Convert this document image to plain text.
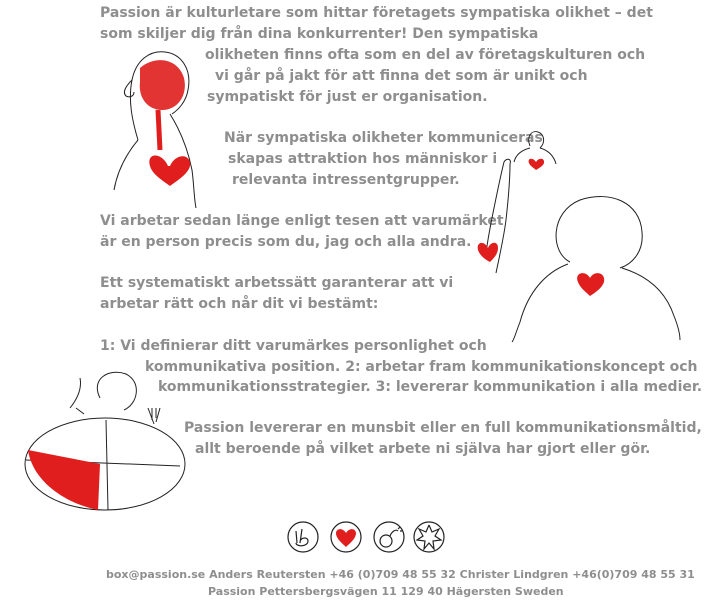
Passion är kulturletare som hittar företagets sympatiska olikhet – det

som skiljer dig från dina konkurrenter! Den sympatiska

olikheten finns ofta som en del av företagskulturen och

vi går på jakt för att finna det som är unikt och

sympatiskt för just er organisation.

När sympatiska olikheter kommuniceras

skapas attraktion hos människor i

relevanta intressentgrupper.

Vi arbetar sedan länge enligt tesen att varumärket

är en person precis som du, jag och alla andra.

Ett systematiskt arbetssätt garanterar att vi

arbetar rätt och når dit vi bestämt:

1: Vi definierar ditt varumärkes personlighet och

kommunikativa position. 2: arbetar fram kommunikationskoncept och

kommunikationsstrategier. 3: levererar kommunikation i alla medier.

Passion levererar en munsbit eller en full kommunikationsmåltid,

allt beroende på vilket arbete ni själva har gjort eller gör.

box@passion.se Anders Reutersten +46 (0)709 48 55 32 Christer Lindgren +46(0)709 48 55 31
Passion Pettersbergsvägen 11 129 40 Hägersten Sweden
